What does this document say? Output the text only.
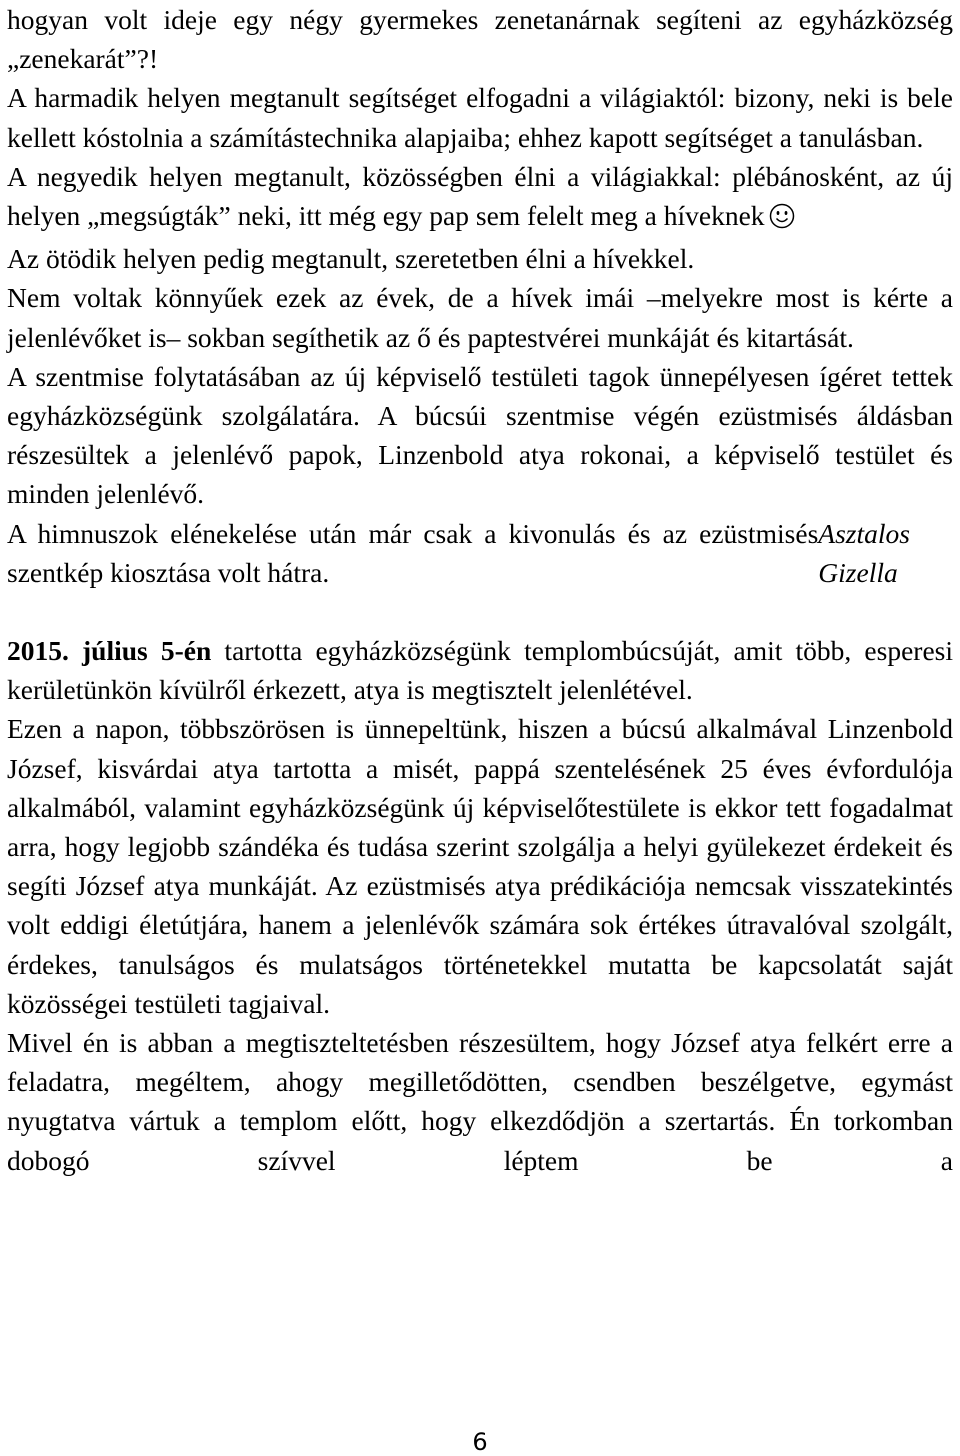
hogyan volt ideje egy négy gyermekes zenetanárnak segíteni az egyházközség „zenekarát”?!

A harmadik helyen megtanult segítséget elfogadni a világiaktól: bizony, neki is bele kellett kóstolnia a számítástechnika alapjaiba; ehhez kapott segítséget a tanulásban.

A negyedik helyen megtanult, közösségben élni a világiakkal: plébánosként, az új helyen „megsúgták” neki, itt még egy pap sem felelt meg a híveknek

Az ötödik helyen pedig megtanult, szeretetben élni a hívekkel.

Nem voltak könnyűek ezek az évek, de a hívek imái –melyekre most is kérte a jelenlévőket is– sokban segíthetik az ő és paptestvérei munkáját és kitartását.

A szentmise folytatásában az új képviselő testületi tagok ünnepélyesen ígéret tettek egyházközségünk szolgálatára. A búcsúi szentmise végén ezüstmisés áldásban részesültek a jelenlévő papok, Linzenbold atya rokonai, a képviselő testület és minden jelenlévő.

A himnuszok elénekelése után már csak a kivonulás és az ezüstmisés szentkép kiosztása volt hátra.
Asztalos Gizella

2015. július 5-én tartotta egyházközségünk templombúcsúját, amit több, esperesi kerületünkön kívülről érkezett, atya is megtisztelt jelenlétével.

Ezen a napon, többszörösen is ünnepeltünk, hiszen a búcsú alkalmával Linzenbold József, kisvárdai atya tartotta a misét, pappá szentelésének 25 éves évfordulója alkalmából, valamint egyházközségünk új képviselőtestülete is ekkor tett fogadalmat arra, hogy legjobb szándéka és tudása szerint szolgálja a helyi gyülekezet érdekeit és segíti József atya munkáját. Az ezüstmisés atya prédikációja nemcsak visszatekintés volt eddigi életútjára, hanem a jelenlévők számára sok értékes útravalóval szolgált, érdekes, tanulságos és mulatságos történetekkel mutatta be kapcsolatát saját közösségei testületi tagjaival.

Mivel én is abban a megtiszteltetésben részesültem, hogy József atya felkért erre a feladatra, megéltem, ahogy megilletődötten, csendben beszélgetve, egymást nyugtatva vártuk a templom előtt, hogy elkezdődjön a szertartás. Én torkomban dobogó szívvel léptem be a

6
